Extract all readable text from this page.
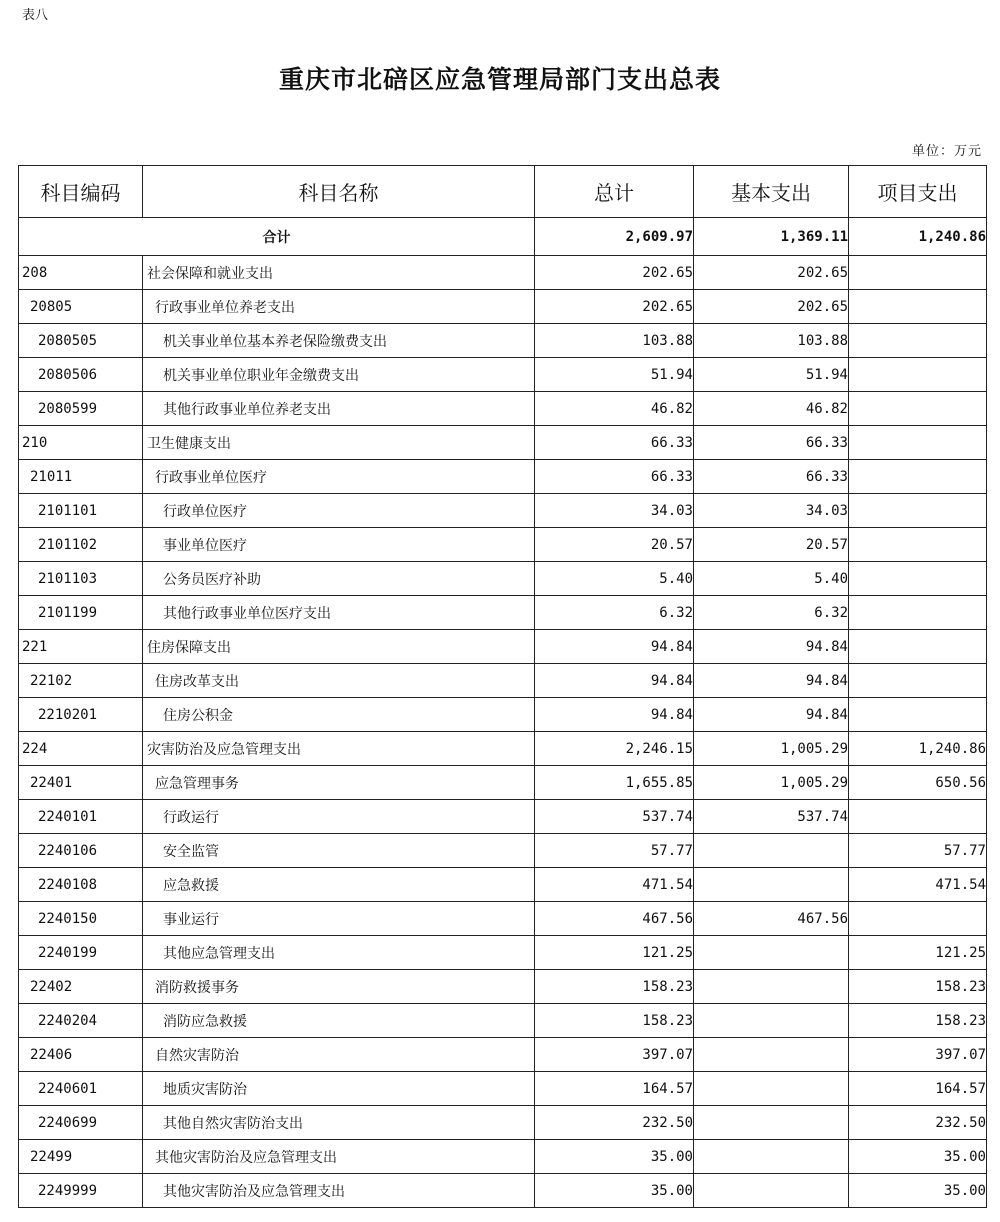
表八
重庆市北碚区应急管理局部门支出总表
单位：万元
科目编码	科目名称	总计	基本支出	项目支出
合计		2,609.97	1,369.11	1,240.86
208	社会保障和就业支出	202.65	202.65	
20805	行政事业单位养老支出	202.65	202.65	
2080505	机关事业单位基本养老保险缴费支出	103.88	103.88	
2080506	机关事业单位职业年金缴费支出	51.94	51.94	
2080599	其他行政事业单位养老支出	46.82	46.82	
210	卫生健康支出	66.33	66.33	
21011	行政事业单位医疗	66.33	66.33	
2101101	行政单位医疗	34.03	34.03	
2101102	事业单位医疗	20.57	20.57	
2101103	公务员医疗补助	5.40	5.40	
2101199	其他行政事业单位医疗支出	6.32	6.32	
221	住房保障支出	94.84	94.84	
22102	住房改革支出	94.84	94.84	
2210201	住房公积金	94.84	94.84	
224	灾害防治及应急管理支出	2,246.15	1,005.29	1,240.86
22401	应急管理事务	1,655.85	1,005.29	650.56
2240101	行政运行	537.74	537.74	
2240106	安全监管	57.77		57.77
2240108	应急救援	471.54		471.54
2240150	事业运行	467.56	467.56	
2240199	其他应急管理支出	121.25		121.25
22402	消防救援事务	158.23		158.23
2240204	消防应急救援	158.23		158.23
22406	自然灾害防治	397.07		397.07
2240601	地质灾害防治	164.57		164.57
2240699	其他自然灾害防治支出	232.50		232.50
22499	其他灾害防治及应急管理支出	35.00		35.00
2249999	其他灾害防治及应急管理支出	35.00		35.00
